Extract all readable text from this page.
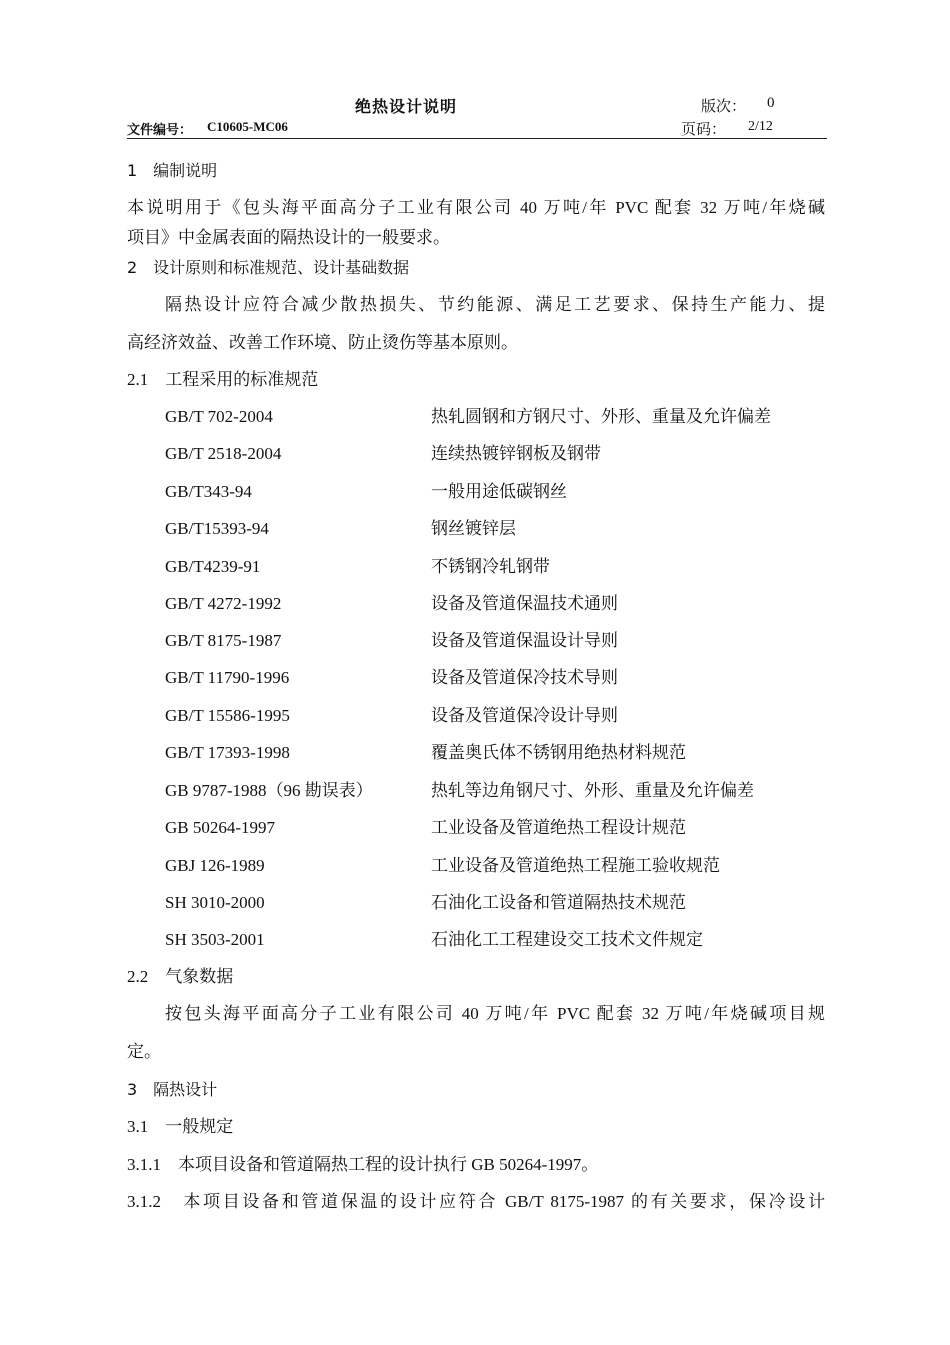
绝热设计说明	版次： 0
文件编号： C10605-MC06	页码： 2/12
1　编制说明
本说明用于《包头海平面高分子工业有限公司 40 万吨/年 PVC 配套 32 万吨/年烧碱
项目》中金属表面的隔热设计的一般要求。
2　设计原则和标准规范、设计基础数据
隔热设计应符合减少散热损失、节约能源、满足工艺要求、保持生产能力、提
高经济效益、改善工作环境、防止烫伤等基本原则。
2.1　工程采用的标准规范
GB/T 702-2004	热轧圆钢和方钢尺寸、外形、重量及允许偏差
GB/T 2518-2004	连续热镀锌钢板及钢带
GB/T343-94	一般用途低碳钢丝
GB/T15393-94	钢丝镀锌层
GB/T4239-91	不锈钢冷轧钢带
GB/T 4272-1992	设备及管道保温技术通则
GB/T 8175-1987	设备及管道保温设计导则
GB/T 11790-1996	设备及管道保冷技术导则
GB/T 15586-1995	设备及管道保冷设计导则
GB/T 17393-1998	覆盖奥氏体不锈钢用绝热材料规范
GB 9787-1988（96 勘误表）	热轧等边角钢尺寸、外形、重量及允许偏差
GB 50264-1997	工业设备及管道绝热工程设计规范
GBJ 126-1989	工业设备及管道绝热工程施工验收规范
SH 3010-2000	石油化工设备和管道隔热技术规范
SH 3503-2001	石油化工工程建设交工技术文件规定
2.2　气象数据
按包头海平面高分子工业有限公司 40 万吨/年 PVC 配套 32 万吨/年烧碱项目规
定。
3　隔热设计
3.1　一般规定
3.1.1　本项目设备和管道隔热工程的设计执行 GB 50264-1997。
3.1.2　本项目设备和管道保温的设计应符合 GB/T 8175-1987 的有关要求，保冷设计
